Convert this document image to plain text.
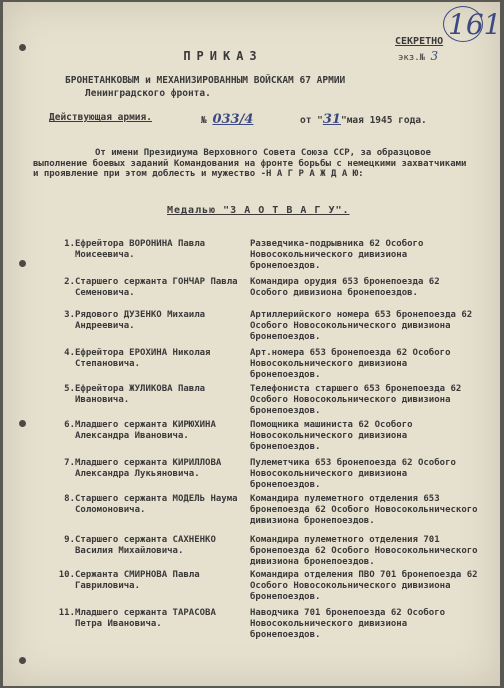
161
СЕКРЕТНО
экз.№ 3
ПРИКАЗ
БРОНЕТАНКОВЫМ и МЕХАНИЗИРОВАННЫМ ВОЙСКАМ 67 АРМИИ
Ленинградского фронта.
Действующая армия.	№ 033/4	от "31"мая 1945 года.
От имени Президиума Верховного Совета Союза ССР, за образцовое выполнение боевых заданий Командования на фронте борьбы с немецкими захватчиками и проявление при этом доблесть и мужество -Н А Г Р А Ж Д А Ю:
Медалью "З А О Т В А Г У".
1. Ефрейтора ВОРОНИНА Павла Моисеевича.
Разведчика-подрывника 62 Особого Новосокольнического дивизиона бронепоездов.
2. Старшего сержанта ГОНЧАР Павла Семеновича.
Командира орудия 653 бронепоезда 62 Особого дивизиона бронепоездов.
3. Рядового ДУЗЕНКО Михаила Андреевича.
Артиллерийского номера 653 бронепоезда 62 Особого Новосокольнического дивизиона бронепоездов.
4. Ефрейтора ЕРОХИНА Николая Степановича.
Арт.номера 653 бронепоезда 62 Особого Новосокольнического дивизиона бронепоездов.
5. Ефрейтора ЖУЛИКОВА Павла Ивановича.
Телефониста старшего 653 бронепоезда 62 Особого Новосокольнического дивизиона бронепоездов.
6. Младшего сержанта КИРЮХИНА Александра Ивановича.
Помощника машиниста 62 Особого Новосокольнического дивизиона бронепоездов.
7. Младшего сержанта КИРИЛЛОВА Александра Лукьяновича.
Пулеметчика 653 бронепоезда 62 Особого Новосокольнического дивизиона бронепоездов.
8. Старшего сержанта МОДЕЛЬ Наума Соломоновича.
Командира пулеметного отделения 653 бронепоезда 62 Особого Новосокольнического дивизиона бронепоездов.
9. Старшего сержанта САХНЕНКО Василия Михайловича.
Командира пулеметного отделения 701 бронепоезда 62 Особого Новосокольнического дивизиона бронепоездов.
10. Сержанта СМИРНОВА Павла Гавриловича.
Командира отделения ПВО 701 бронепоезда 62 Особого Новосокольнического дивизиона бронепоездов.
11. Младшего сержанта ТАРАСОВА Петра Ивановича.
Наводчика 701 бронепоезда 62 Особого Новосокольнического дивизиона бронепоездов.
